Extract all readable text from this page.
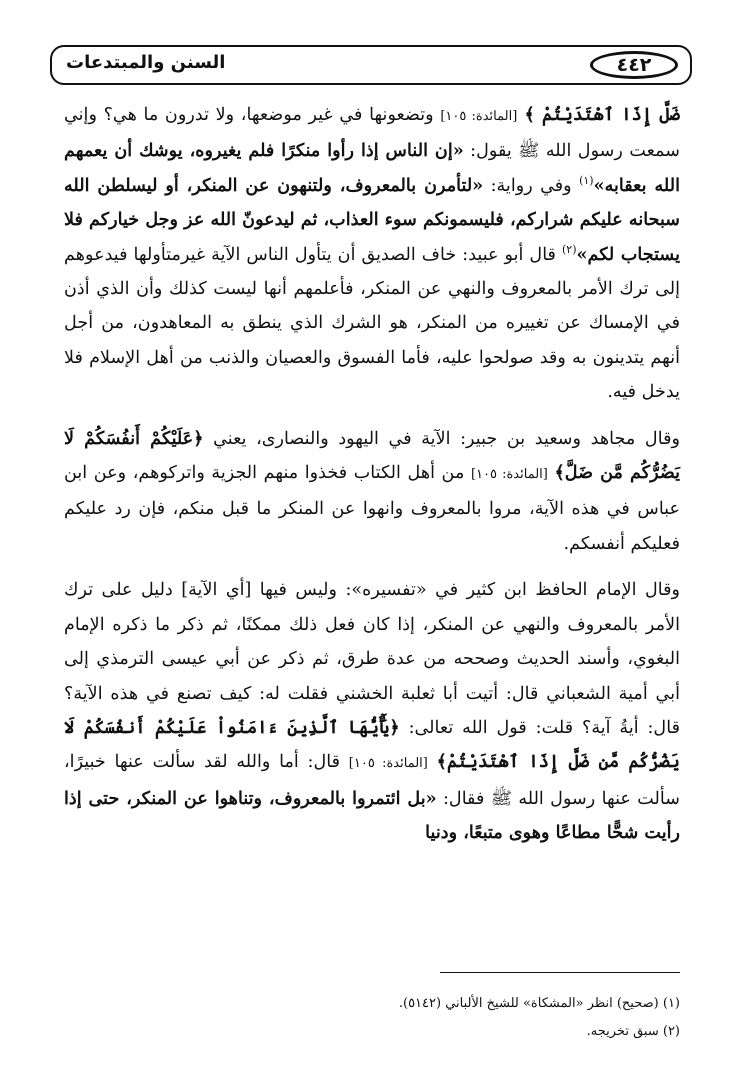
السنن والمبتدعات	٤٤٢

ضَلَّ إِذَا ٱهْتَدَيْتُمْ ﴾ [المائدة: ١٠٥] وتضعونها في غير موضعها، ولا تدرون ما هي؟ وإني سمعت رسول الله ﷺ يقول: «إن الناس إذا رأوا منكرًا فلم يغيروه، يوشك أن يعمهم الله بعقابه»$^{(١)}$ وفي رواية: «لتأمرن بالمعروف، ولتنهون عن المنكر، أو ليسلطن الله سبحانه عليكم شراركم، فليسمونكم سوء العذاب، ثم ليدعونّ الله عز وجل خياركم فلا يستجاب لكم»$^{(٢)}$ قال أبو عبيد: خاف الصديق أن يتأول الناس الآية غيرمتأولها فيدعوهم إلى ترك الأمر بالمعروف والنهي عن المنكر، فأعلمهم أنها ليست كذلك وأن الذي أذن في الإمساك عن تغييره من المنكر، هو الشرك الذي ينطق به المعاهدون، من أجل أنهم يتدينون به وقد صولحوا عليه، فأما الفسوق والعصيان والذنب من أهل الإسلام فلا يدخل فيه.

وقال مجاهد وسعيد بن جبير: الآية في اليهود والنصارى، يعني ﴿عَلَيْكُمْ أَنفُسَكُمْ لَا يَضُرُّكُم مَّن ضَلَّ﴾ [المائدة: ١٠٥] من أهل الكتاب فخذوا منهم الجزية واتركوهم، وعن ابن عباس في هذه الآية، مروا بالمعروف وانهوا عن المنكر ما قبل منكم، فإن رد عليكم فعليكم أنفسكم.

وقال الإمام الحافظ ابن كثير في «تفسيره»: وليس فيها [أي الآية] دليل على ترك الأمر بالمعروف والنهي عن المنكر، إذا كان فعل ذلك ممكنًا، ثم ذكر ما ذكره الإمام البغوي، وأسند الحديث وصححه من عدة طرق، ثم ذكر عن أبي عيسى الترمذي إلى أبي أمية الشعباني قال: أتيت أبا ثعلبة الخشني فقلت له: كيف تصنع في هذه الآية؟ قال: أيةُ آية؟ قلت: قول الله تعالى: ﴿يَٰٓأَيُّهَا ٱلَّذِينَ ءَامَنُواْ عَلَيْكُمْ أَنفُسَكُمْ لَا يَضُرُّكُم مَّن ضَلَّ إِذَا ٱهْتَدَيْتُمْ﴾ [المائدة: ١٠٥] قال: أما والله لقد سألت عنها خبيرًا، سألت عنها رسول الله ﷺ فقال: «بل ائتمروا بالمعروف، وتناهوا عن المنكر، حتى إذا رأيت شحًّا مطاعًا وهوى متبعًا، ودنيا

(١) (صحيح) انظر «المشكاة» للشيخ الألباني (٥١٤٢).
(٢) سبق تخريجه.
